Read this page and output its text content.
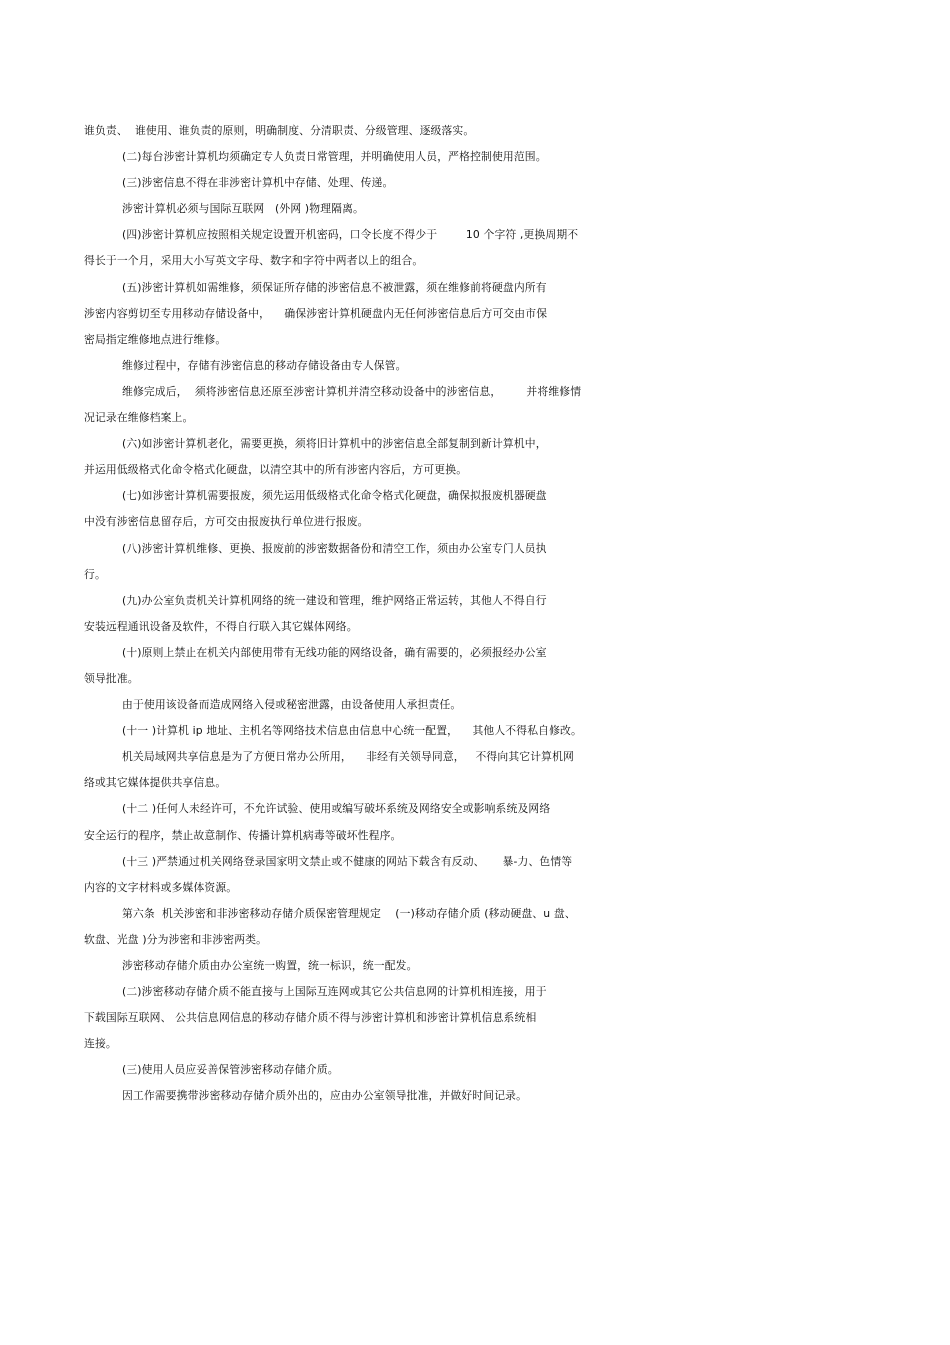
谁负责、  谁使用、谁负责的原则，明确制度、分清职责、分级管理、逐级落实。
(二)每台涉密计算机均须确定专人负责日常管理，并明确使用人员，严格控制使用范围。
(三)涉密信息不得在非涉密计算机中存储、处理、传递。
涉密计算机必须与国际互联网   (外网 )物理隔离。
(四)涉密计算机应按照相关规定设置开机密码，口令长度不得少于        10 个字符 ,更换周期不
得长于一个月，采用大小写英文字母、数字和字符中两者以上的组合。
(五)涉密计算机如需维修，须保证所存储的涉密信息不被泄露，须在维修前将硬盘内所有
涉密内容剪切至专用移动存储设备中，    确保涉密计算机硬盘内无任何涉密信息后方可交由市保
密局指定维修地点进行维修。
维修过程中，存储有涉密信息的移动存储设备由专人保管。
维修完成后，  须将涉密信息还原至涉密计算机并清空移动设备中的涉密信息，       并将维修情
况记录在维修档案上。
(六)如涉密计算机老化，需要更换，须将旧计算机中的涉密信息全部复制到新计算机中，
并运用低级格式化命令格式化硬盘，以清空其中的所有涉密内容后，方可更换。
(七)如涉密计算机需要报废，须先运用低级格式化命令格式化硬盘，确保拟报废机器硬盘
中没有涉密信息留存后，方可交由报废执行单位进行报废。
(八)涉密计算机维修、更换、报废前的涉密数据备份和清空工作，须由办公室专门人员执
行。
(九)办公室负责机关计算机网络的统一建设和管理，维护网络正常运转，其他人不得自行
安装远程通讯设备及软件，不得自行联入其它媒体网络。
(十)原则上禁止在机关内部使用带有无线功能的网络设备，确有需要的，必须报经办公室
领导批准。
由于使用该设备而造成网络入侵或秘密泄露，由设备使用人承担责任。
(十一 )计算机 ip 地址、主机名等网络技术信息由信息中心统一配置，    其他人不得私自修改。
机关局域网共享信息是为了方便日常办公所用，    非经有关领导同意，   不得向其它计算机网
络或其它媒体提供共享信息。
(十二 )任何人未经许可，不允许试验、使用或编写破坏系统及网络安全或影响系统及网络
安全运行的程序，禁止故意制作、传播计算机病毒等破坏性程序。
(十三 )严禁通过机关网络登录国家明文禁止或不健康的网站下载含有反动、     暴-力、色情等
内容的文字材料或多媒体资源。
第六条  机关涉密和非涉密移动存储介质保密管理规定    (一)移动存储介质 (移动硬盘、u 盘、
软盘、光盘 )分为涉密和非涉密两类。
涉密移动存储介质由办公室统一购置，统一标识，统一配发。
(二)涉密移动存储介质不能直接与上国际互连网或其它公共信息网的计算机相连接，用于
下载国际互联网、 公共信息网信息的移动存储介质不得与涉密计算机和涉密计算机信息系统相
连接。
(三)使用人员应妥善保管涉密移动存储介质。
因工作需要携带涉密移动存储介质外出的，应由办公室领导批准，并做好时间记录。
